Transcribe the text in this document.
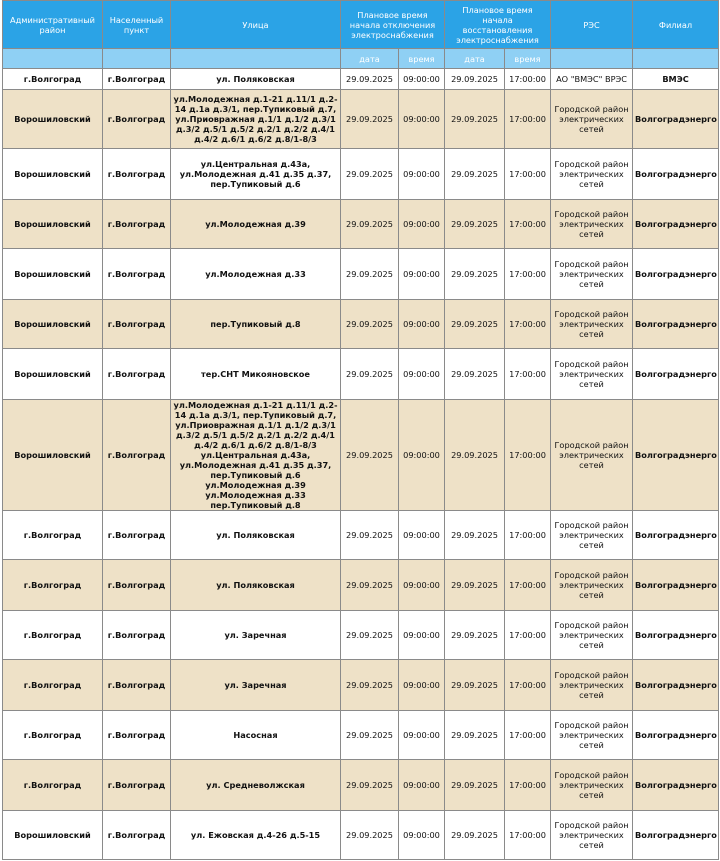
Административный район	Населенный пункт	Улица	Плановое время начала отключения электроснабжения		Плановое время начала восстановления электроснабжения		РЭС	Филиал
			дата	время	дата	время		
г.Волгоград	г.Волгоград	ул. Поляковская	29.09.2025	09:00:00	29.09.2025	17:00:00	АО "ВМЭС" ВРЭС	ВМЭС
Ворошиловский	г.Волгоград	ул.Молодежная д.1-21 д.11/1 д.2-14 д.1а д.3/1, пер.Тупиковый д.7, ул.Приовражная д.1/1 д.1/2 д.3/1 д.3/2 д.5/1 д.5/2 д.2/1 д.2/2 д.4/1 д.4/2 д.6/1 д.6/2 д.8/1-8/3	29.09.2025	09:00:00	29.09.2025	17:00:00	Городской район электрических сетей	Волгоградэнерго
Ворошиловский	г.Волгоград	ул.Центральная д.43а, ул.Молодежная д.41 д.35 д.37, пер.Тупиковый д.6	29.09.2025	09:00:00	29.09.2025	17:00:00	Городской район электрических сетей	Волгоградэнерго
Ворошиловский	г.Волгоград	ул.Молодежная д.39	29.09.2025	09:00:00	29.09.2025	17:00:00	Городской район электрических сетей	Волгоградэнерго
Ворошиловский	г.Волгоград	ул.Молодежная д.33	29.09.2025	09:00:00	29.09.2025	17:00:00	Городской район электрических сетей	Волгоградэнерго
Ворошиловский	г.Волгоград	пер.Тупиковый д.8	29.09.2025	09:00:00	29.09.2025	17:00:00	Городской район электрических сетей	Волгоградэнерго
Ворошиловский	г.Волгоград	тер.СНТ Микояновское	29.09.2025	09:00:00	29.09.2025	17:00:00	Городской район электрических сетей	Волгоградэнерго
Ворошиловский	г.Волгоград	ул.Молодежная д.1-21 д.11/1 д.2-14 д.1а д.3/1, пер.Тупиковый д.7, ул.Приовражная д.1/1 д.1/2 д.3/1 д.3/2 д.5/1 д.5/2 д.2/1 д.2/2 д.4/1 д.4/2 д.6/1 д.6/2 д.8/1-8/3 ул.Центральная д.43а, ул.Молодежная д.41 д.35 д.37, пер.Тупиковый д.6 ул.Молодежная д.39 ул.Молодежная д.33 пер.Тупиковый д.8	29.09.2025	09:00:00	29.09.2025	17:00:00	Городской район электрических сетей	Волгоградэнерго
г.Волгоград	г.Волгоград	ул. Поляковская	29.09.2025	09:00:00	29.09.2025	17:00:00	Городской район электрических сетей	Волгоградэнерго
г.Волгоград	г.Волгоград	ул. Поляковская	29.09.2025	09:00:00	29.09.2025	17:00:00	Городской район электрических сетей	Волгоградэнерго
г.Волгоград	г.Волгоград	ул. Заречная	29.09.2025	09:00:00	29.09.2025	17:00:00	Городской район электрических сетей	Волгоградэнерго
г.Волгоград	г.Волгоград	ул. Заречная	29.09.2025	09:00:00	29.09.2025	17:00:00	Городской район электрических сетей	Волгоградэнерго
г.Волгоград	г.Волгоград	Насосная	29.09.2025	09:00:00	29.09.2025	17:00:00	Городской район электрических сетей	Волгоградэнерго
г.Волгоград	г.Волгоград	ул. Средневолжская	29.09.2025	09:00:00	29.09.2025	17:00:00	Городской район электрических сетей	Волгоградэнерго
Ворошиловский	г.Волгоград	ул. Ежовская д.4-26 д.5-15	29.09.2025	09:00:00	29.09.2025	17:00:00	Городской район электрических сетей	Волгоградэнерго
